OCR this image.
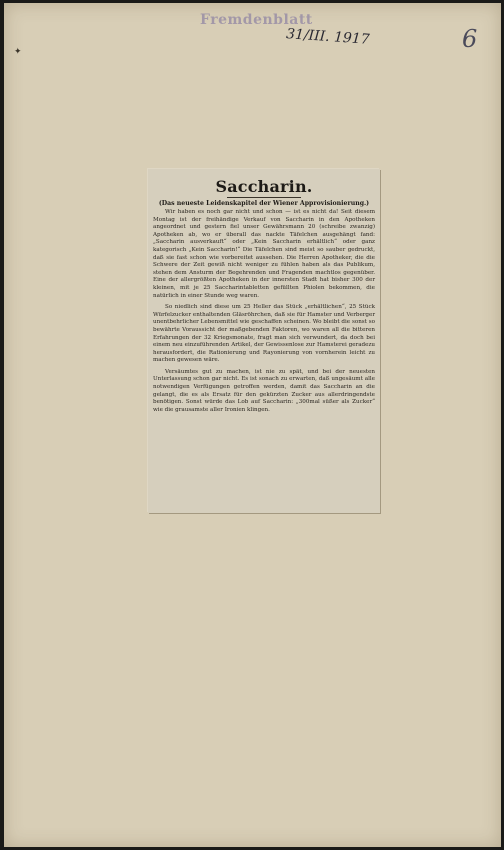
Fremdenblatt
31/III. 1917	6
✦
Saccharin.
(Das neueste Leidenskapitel der Wiener Approvisionierung.)

Wir haben es noch gar nicht und schon — ist es nicht da! Seit diesem Montag ist der freihändige Verkauf von Saccharin in den Apotheken angeordnet und gestern fiel unser Gewährsmann 20 (schreibe zwanzig) Apotheken ab, wo er überall das nackte Täfelchen ausgehängt fand: „Saccharin ausverkauft“ oder „Kein Saccharin erhältlich“ oder ganz kategorisch „Kein Saccharin!“ Die Täfelchen sind meist so sauber gedruckt, daß sie fast schon wie vorbereitet aussehen. Die Herren Apotheker, die die Schwere der Zeit gewiß nicht weniger zu fühlen haben als das Publikum, stehen dem Ansturm der Begehrenden und Fragenden machtlos gegenüber. Eine der allergrößten Apotheken in der innersten Stadt hat bisher 300 der kleinen, mit je 25 Saccharintabletten gefüllten Phiolen bekommen, die natürlich in einer Stunde weg waren.

So niedlich sind diese um 25 Heller das Stück „erhältlichen“, 25 Stück Würfelzucker enthaltenden Gläsröhrchen, daß sie für Hamster und Verberger unentbehrlicher Lebensmittel wie geschaffen scheinen. Wo bleibt die sonst so bewährte Voraussicht der maßgebenden Faktoren, wo waren all die bitteren Erfahrungen der 32 Kriegsmonate, fragt man sich verwundert, da doch bei einem neu einzuführenden Artikel, der Gewissenlose zur Hamsterei geradezu herausfordert, die Rationierung und Rayonierung von vornherein leicht zu machen gewesen wäre.

Versäumtes gut zu machen, ist nie zu spät, und bei der neuesten Unterlassung schon gar nicht. Es ist sonach zu erwarten, daß ungesäumt alle notwendigen Verfügungen getroffen werden, damit das Saccharin an die gelangt, die es als Ersatz für den gekürzten Zucker aus allerdringendste benötigen. Sonst würde das Lob auf Saccharin: „300mal süßer als Zucker“ wie die grausamste aller Ironien klingen.
